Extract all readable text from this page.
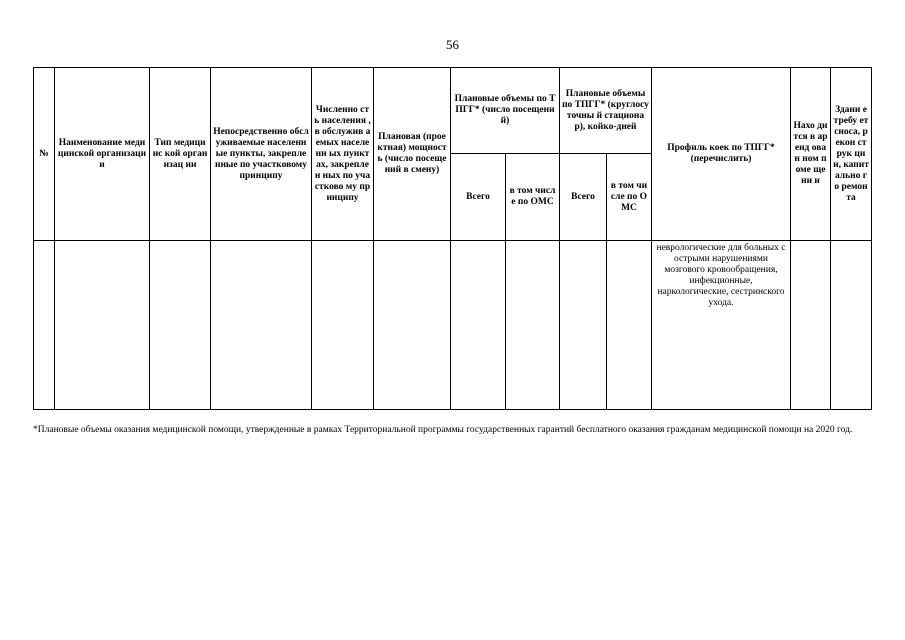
56
№	Наименование медицинской организации	Тип медицинс кой организац ии	Непосредственно обслуживаемые населенные пункты, закрепленные по участковому принципу	Численно сть населения , в обслужив аемых населенн ых пунктах, закреплен ных по участково му принципу	Плановая (проектная) мощность (число посещений в смену)	Плановые объемы по ТПГГ* (число посещений)		Плановые объемы по ТПГГ* (круглосуточны й стационар), койко-дней		Профиль коек по ТПГГ* (перечислить)	Нахо дится в аренд ован ном поме щени и	Здани е требу ет сноса, рекон струк ции, капит ально го ремон та
						Всего	в том числе по ОМС	Всего	в том числе по ОМС			
										неврологические для больных с острыми нарушениями мозгового кровообращения, инфекционные, наркологические, сестринского ухода.		
*Плановые объемы оказания медицинской помощи, утвержденные в рамках Территориальной программы государственных гарантий бесплатного оказания гражданам медицинской помощи на 2020 год.
